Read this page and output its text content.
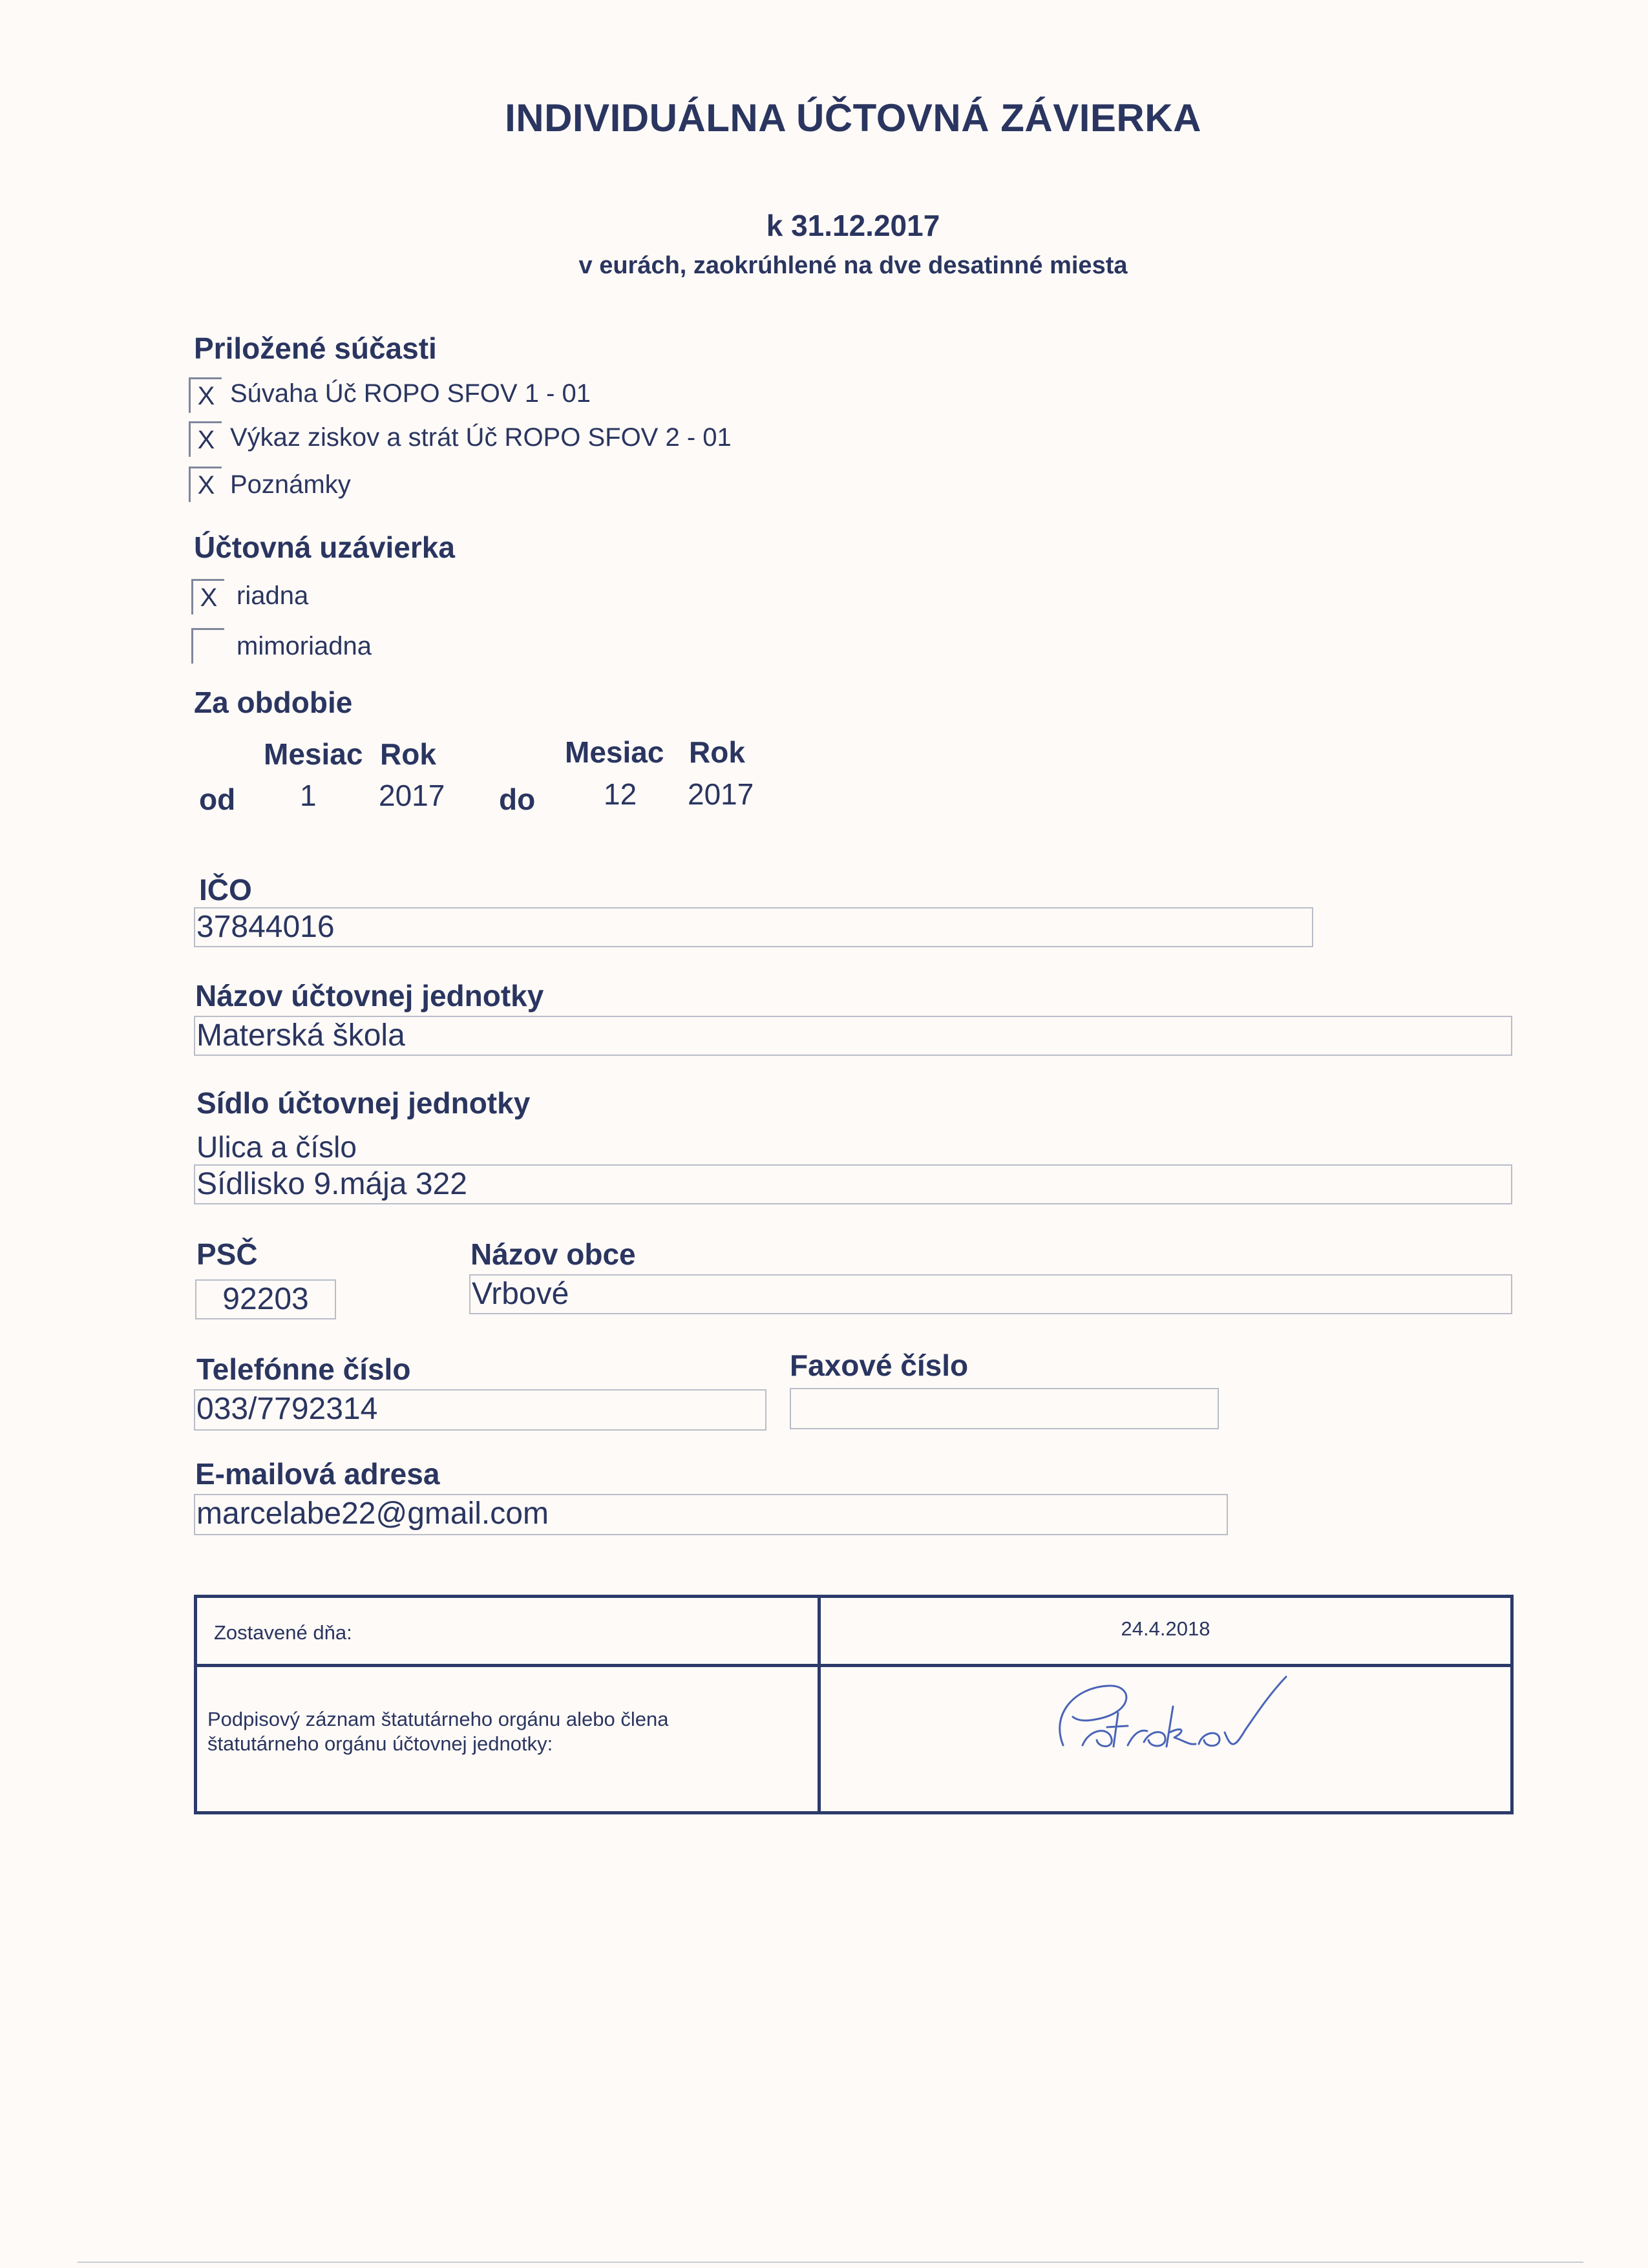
INDIVIDUÁLNA ÚČTOVNÁ ZÁVIERKA
k 31.12.2017
v eurách, zaokrúhlené na dve desatinné miesta
Priložené súčasti
X Súvaha Úč ROPO SFOV 1 - 01
X Výkaz ziskov a strát Úč ROPO SFOV 2 - 01
X Poznámky
Účtovná uzávierka
X riadna
mimoriadna
Za obdobie
Mesiac Rok	Mesiac Rok
od 1 2017 do 12 2017
IČO
37844016
Názov účtovnej jednotky
Materská škola
Sídlo účtovnej jednotky
Ulica a číslo
Sídlisko 9.mája 322
PSČ
92203
Názov obce
Vrbové
Telefónne číslo
033/7792314
Faxové číslo
E-mailová adresa
marcelabe22@gmail.com
Zostavené dňa:	24.4.2018
Podpisový záznam štatutárneho orgánu alebo člena
štatutárneho orgánu účtovnej jednotky:
